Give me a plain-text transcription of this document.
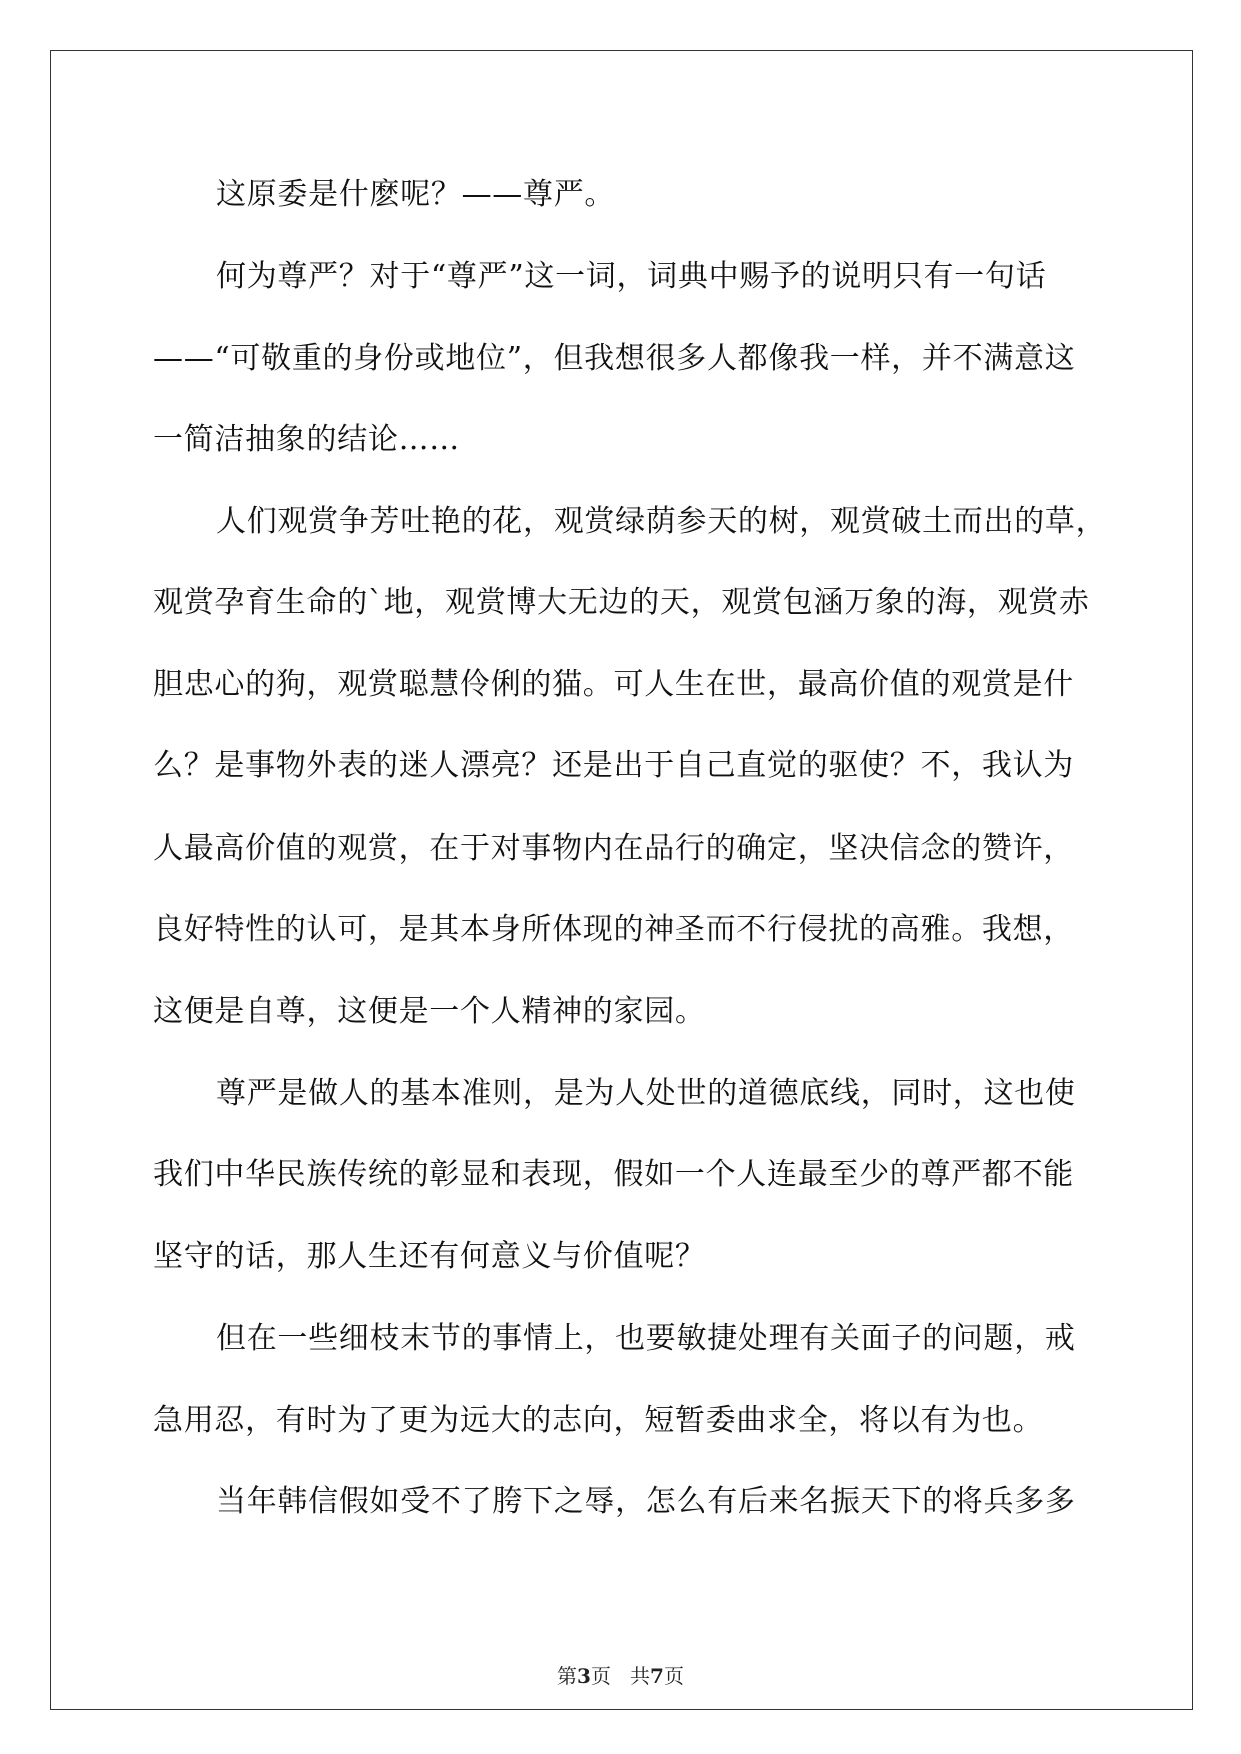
这原委是什麽呢？——尊严。

何为尊严？对于“尊严”这一词，词典中赐予的说明只有一句话

——“可敬重的身份或地位”，但我想很多人都像我一样，并不满意这

一简洁抽象的结论……

人们观赏争芳吐艳的花，观赏绿荫参天的树，观赏破土而出的草，

观赏孕育生命的`地，观赏博大无边的天，观赏包涵万象的海，观赏赤

胆忠心的狗，观赏聪慧伶俐的猫。可人生在世，最高价值的观赏是什

么？是事物外表的迷人漂亮？还是出于自己直觉的驱使？不，我认为

人最高价值的观赏，在于对事物内在品行的确定，坚决信念的赞许，

良好特性的认可，是其本身所体现的神圣而不行侵扰的高雅。我想，

这便是自尊，这便是一个人精神的家园。

尊严是做人的基本准则，是为人处世的道德底线，同时，这也使

我们中华民族传统的彰显和表现，假如一个人连最至少的尊严都不能

坚守的话，那人生还有何意义与价值呢？

但在一些细枝末节的事情上，也要敏捷处理有关面子的问题，戒

急用忍，有时为了更为远大的志向，短暂委曲求全，将以有为也。

当年韩信假如受不了胯下之辱，怎么有后来名振天下的将兵多多

第3页   共7页
